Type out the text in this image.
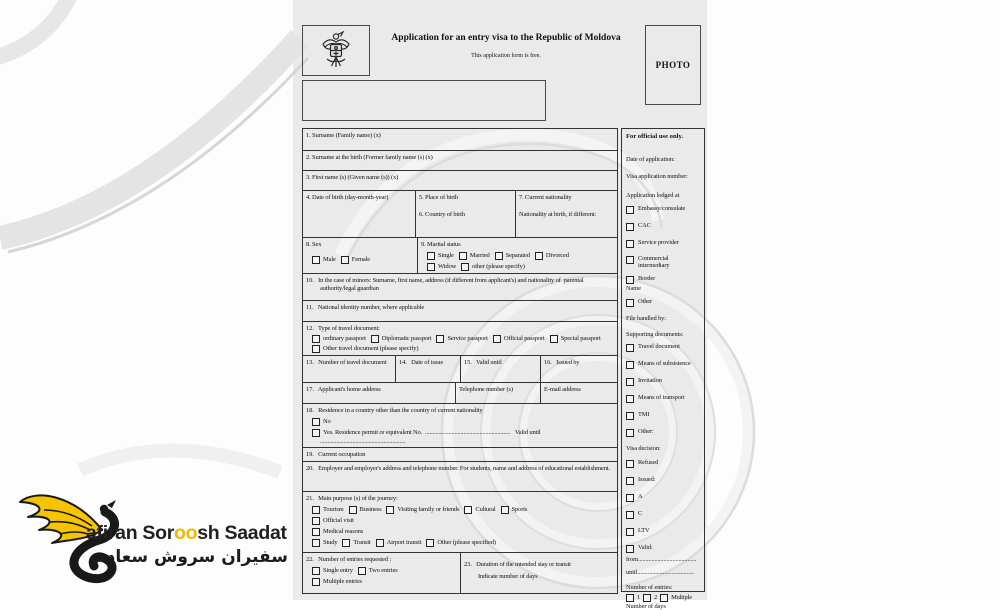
Application for an entry visa to the Republic of Moldova
This application form is free.
PHOTO
1. Surname (Family name) (x)
2. Surname at the birth (Former family name (s) (x)
3. First name (s) (Given name (s)) (x)
4. Date of birth (day-month-year)	5. Place of birth
6. Country of birth
7. Current nationality
Nationality at birth, if different:
8. Sex
Male Female
9. Marital status
Single Married Separated Divorced
Widow other (please specify)
10.   In the case of minors: Surname, first name, address (if different from applicant's) and nationality of  parental authority/legal guardian
11.   National identity number, where applicable
12.   Type of travel document:
ordinary passport Diplomatic passport Service passport Official passport Special passport
Other travel document (please specify)
13.   Number of travel document	14.   Date of issue	15.   Valid until	16.   Issued by
17.   Applicant's home address	Telephone number (s)	E-mail address
18.   Residence in a country other than the country of current nationality
No
Yes. Residence permit or equivalent No.  ..........................................................   Valid until
..........................................................
19.   Current occupation
20.   Employer and employer's address and telephone number. For students, name and address of educational establishment.
21.   Main purpose (s) of the journey:
Tourism Business Visiting family or friends Cultural Sports
Official visit
Medical reasons
Study Transit Airport transit Other (please specified)
22.   Number of entries requested :
Single entry Two entries
Multiple entries
23.   Duration of the intended stay or transit
Indicate number of days
For official use only.
Date of application:
Visa application number:
Application lodged at
Embassy/consulate
CAC
Service provider
Commercial intermediary
Border
Name
Other
File handled by:
Supporting documents:
Travel document
Means of subsistence
Invitation
Means of transport
TMI
Other:
Visa decision:
Refused
Issued:
A
C
LTV
Valid:
from.......................................
until......................................
Number of entries:
1 2 Multiple
Number of days
afiran Soroosh Saadat
سفیران سروش سعادت
